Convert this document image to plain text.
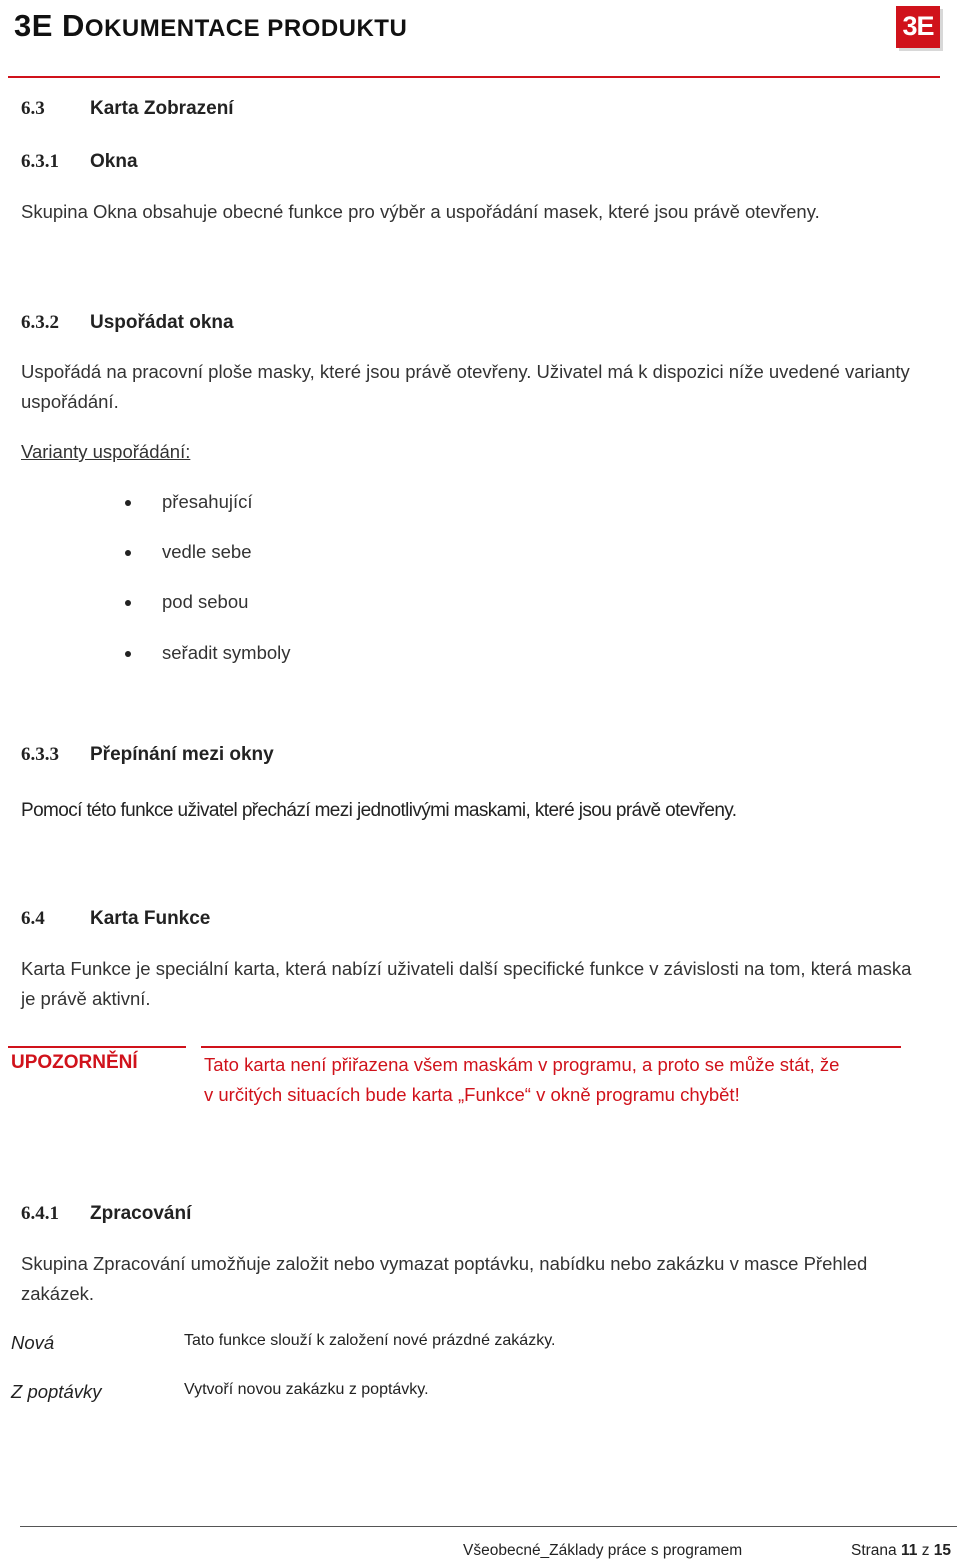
3E DOKUMENTACE PRODUKTU	3E
6.3 Karta Zobrazení
6.3.1 Okna
Skupina Okna obsahuje obecné funkce pro výběr a uspořádání masek, které jsou právě otevřeny.
6.3.2 Uspořádat okna
Uspořádá na pracovní ploše masky, které jsou právě otevřeny. Uživatel má k dispozici níže uvedené varianty
uspořádání.
Varianty uspořádání:
přesahující
vedle sebe
pod sebou
seřadit symboly
6.3.3 Přepínání mezi okny
Pomocí této funkce uživatel přechází mezi jednotlivými maskami, které jsou právě otevřeny.
6.4 Karta Funkce
Karta Funkce je speciální karta, která nabízí uživateli další specifické funkce v závislosti na tom, která maska
je právě aktivní.
UPOZORNĚNÍ	Tato karta není přiřazena všem maskám v programu, a proto se může stát, že
v určitých situacích bude karta „Funkce“ v okně programu chybět!
6.4.1 Zpracování
Skupina Zpracování umožňuje založit nebo vymazat poptávku, nabídku nebo zakázku v masce Přehled
zakázek.
Nová	Tato funkce slouží k založení nové prázdné zakázky.
Z poptávky	Vytvoří novou zakázku z poptávky.
Všeobecné_Základy práce s programem	Strana 11 z 15
